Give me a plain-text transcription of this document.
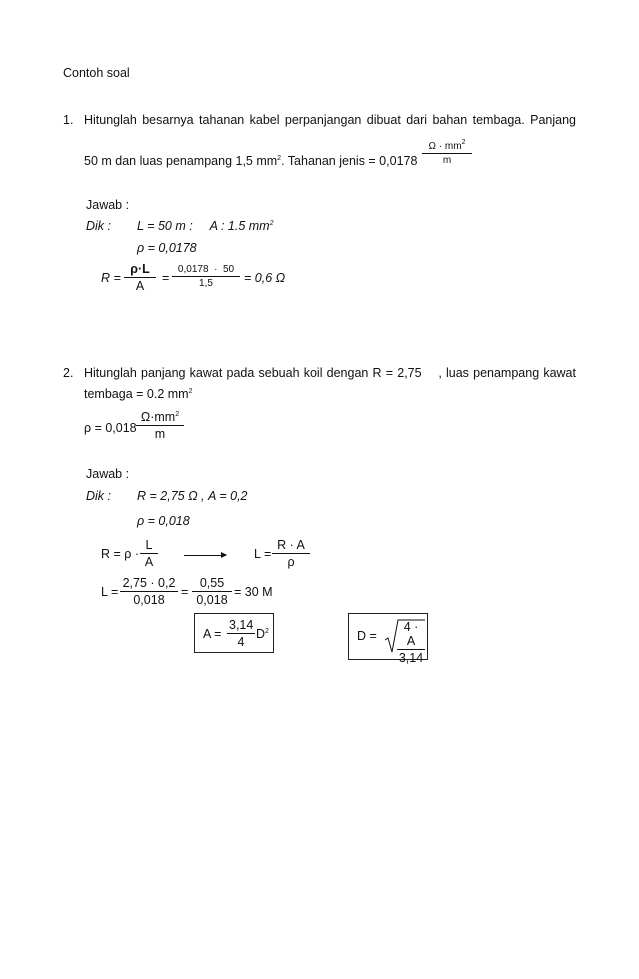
Contoh soal
1. Hitunglah besarnya tahanan kabel perpanjangan dibuat dari bahan tembaga. Panjang
50 m dan luas penampang 1,5 $mm^2$. Tahanan jenis = $0,0178 \frac{\Omega \cdot mm^2}{m}$
Jawab :
Dik : L = 50 m :     A : 1.5 $mm^2$
ρ = 0,0178
$R = \frac{\rho\cdot L}{A} = \frac{0,0178 \cdot 50}{1,5} = 0,6$ Ω
2. Hitunglah panjang kawat pada sebuah koil dengan R = 2,75    , luas penampang kawat
tembaga = 0.2 $mm^2$
$\rho = 0,018 \frac{\Omega\cdot mm^2}{m}$
Jawab :
Dik : R = 2,75 Ω , A = 0,2
ρ = 0,018
$R = \rho \cdot \frac{L}{A}$	$L = \frac{R \cdot A}{\rho}$
$L = \frac{2,75 \cdot 0,2}{0,018} = \frac{0,55}{0,018} = 30$ M
$A = \frac{3,14}{4} D^2$	$D = \frac{4 \cdot A}{3,14}$
